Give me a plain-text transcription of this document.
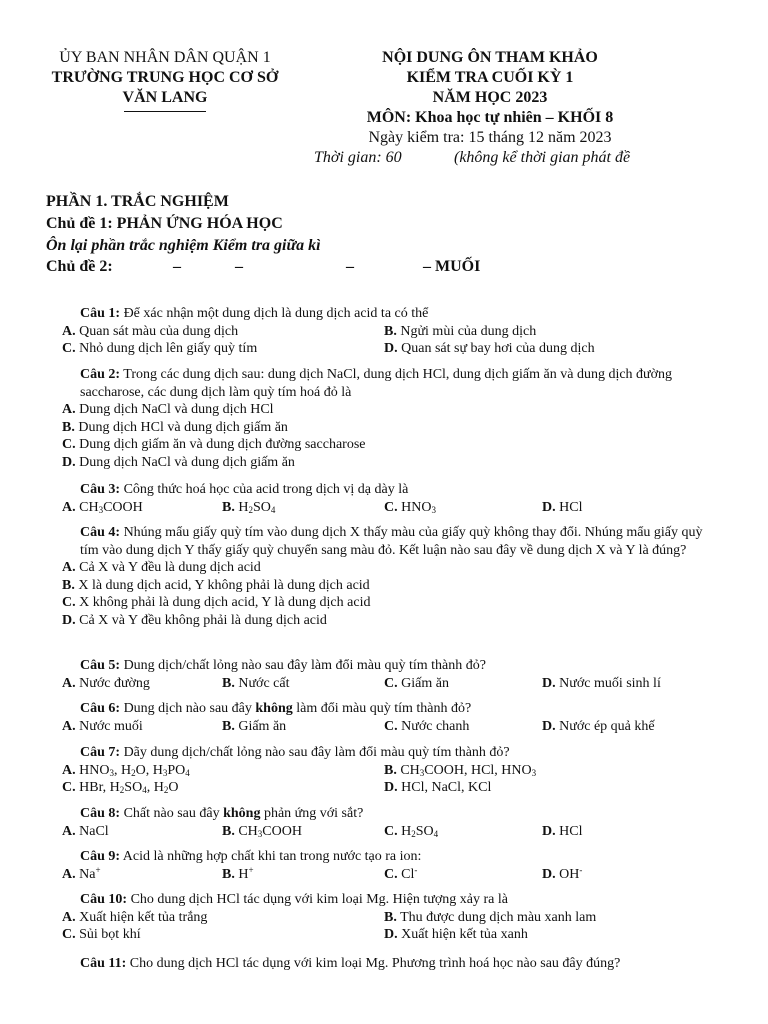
ỦY BAN NHÂN DÂN QUẬN 1
TRƯỜNG TRUNG HỌC CƠ SỞ
VĂN LANG
NỘI DUNG ÔN THAM KHẢO
KIỂM TRA CUỐI KỲ 1
NĂM HỌC 2023
MÔN: Khoa học tự nhiên – KHỐI 8
Ngày kiểm tra: 15 tháng 12 năm 2023
Thời gian: 60	(không kể thời gian phát đề
PHẦN 1. TRẮC NGHIỆM
Chủ đề 1: PHẢN ỨNG HÓA HỌC
Ôn lại phần trắc nghiệm Kiểm tra giữa kì
Chủ đề 2:	–	–	–	– MUỐI
Câu 1: Để xác nhận một dung dịch là dung dịch acid ta có thể
A. Quan sát màu của dung dịch	B. Ngửi mùi của dung dịch
C. Nhỏ dung dịch lên giấy quỳ tím	D. Quan sát sự bay hơi của dung dịch
Câu 2: Trong các dung dịch sau: dung dịch NaCl, dung dịch HCl, dung dịch giấm ăn và dung dịch đường saccharose, các dung dịch làm quỳ tím hoá đỏ là
A. Dung dịch NaCl và dung dịch HCl
B. Dung dịch HCl và dung dịch giấm ăn
C. Dung dịch giấm ăn và dung dịch đường saccharose
D. Dung dịch NaCl và dung dịch giấm ăn
Câu 3: Công thức hoá học của acid trong dịch vị dạ dày là
A. $CH_3COOH$	B. $H_2SO_4$	C. $HNO_3$	D. HCl
Câu 4: Nhúng mẩu giấy quỳ tím vào dung dịch X thấy màu của giấy quỳ không thay đổi. Nhúng mẩu giấy quỳ tím vào dung dịch Y thấy giấy quỳ chuyển sang màu đỏ. Kết luận nào sau đây về dung dịch X và Y là đúng?
A. Cả X và Y đều là dung dịch acid
B. X là dung dịch acid, Y không phải là dung dịch acid
C. X không phải là dung dịch acid, Y là dung dịch acid
D. Cả X và Y đều không phải là dung dịch acid
Câu 5: Dung dịch/chất lỏng nào sau đây làm đổi màu quỳ tím thành đỏ?
A. Nước đường	B. Nước cất	C. Giấm ăn	D. Nước muối sinh lí
Câu 6: Dung dịch nào sau đây không làm đổi màu quỳ tím thành đỏ?
A. Nước muối	B. Giấm ăn	C. Nước chanh	D. Nước ép quả khế
Câu 7: Dãy dung dịch/chất lỏng nào sau đây làm đổi màu quỳ tím thành đỏ?
A. $HNO_3$, $H_2O$, $H_3PO_4$	B. $CH_3COOH$, HCl, $HNO_3$
C. HBr, $H_2SO_4$, $H_2O$	D. HCl, NaCl, KCl
Câu 8: Chất nào sau đây không phản ứng với sắt?
A. NaCl	B. $CH_3COOH$	C. $H_2SO_4$	D. HCl
Câu 9: Acid là những hợp chất khi tan trong nước tạo ra ion:
A. Na+	B. H+	C. Cl-	D. OH-
Câu 10: Cho dung dịch HCl tác dụng với kim loại Mg. Hiện tượng xảy ra là
A. Xuất hiện kết tủa trắng	B. Thu được dung dịch màu xanh lam
C. Sủi bọt khí	D. Xuất hiện kết tủa xanh
Câu 11: Cho dung dịch HCl tác dụng với kim loại Mg. Phương trình hoá học nào sau đây đúng?
